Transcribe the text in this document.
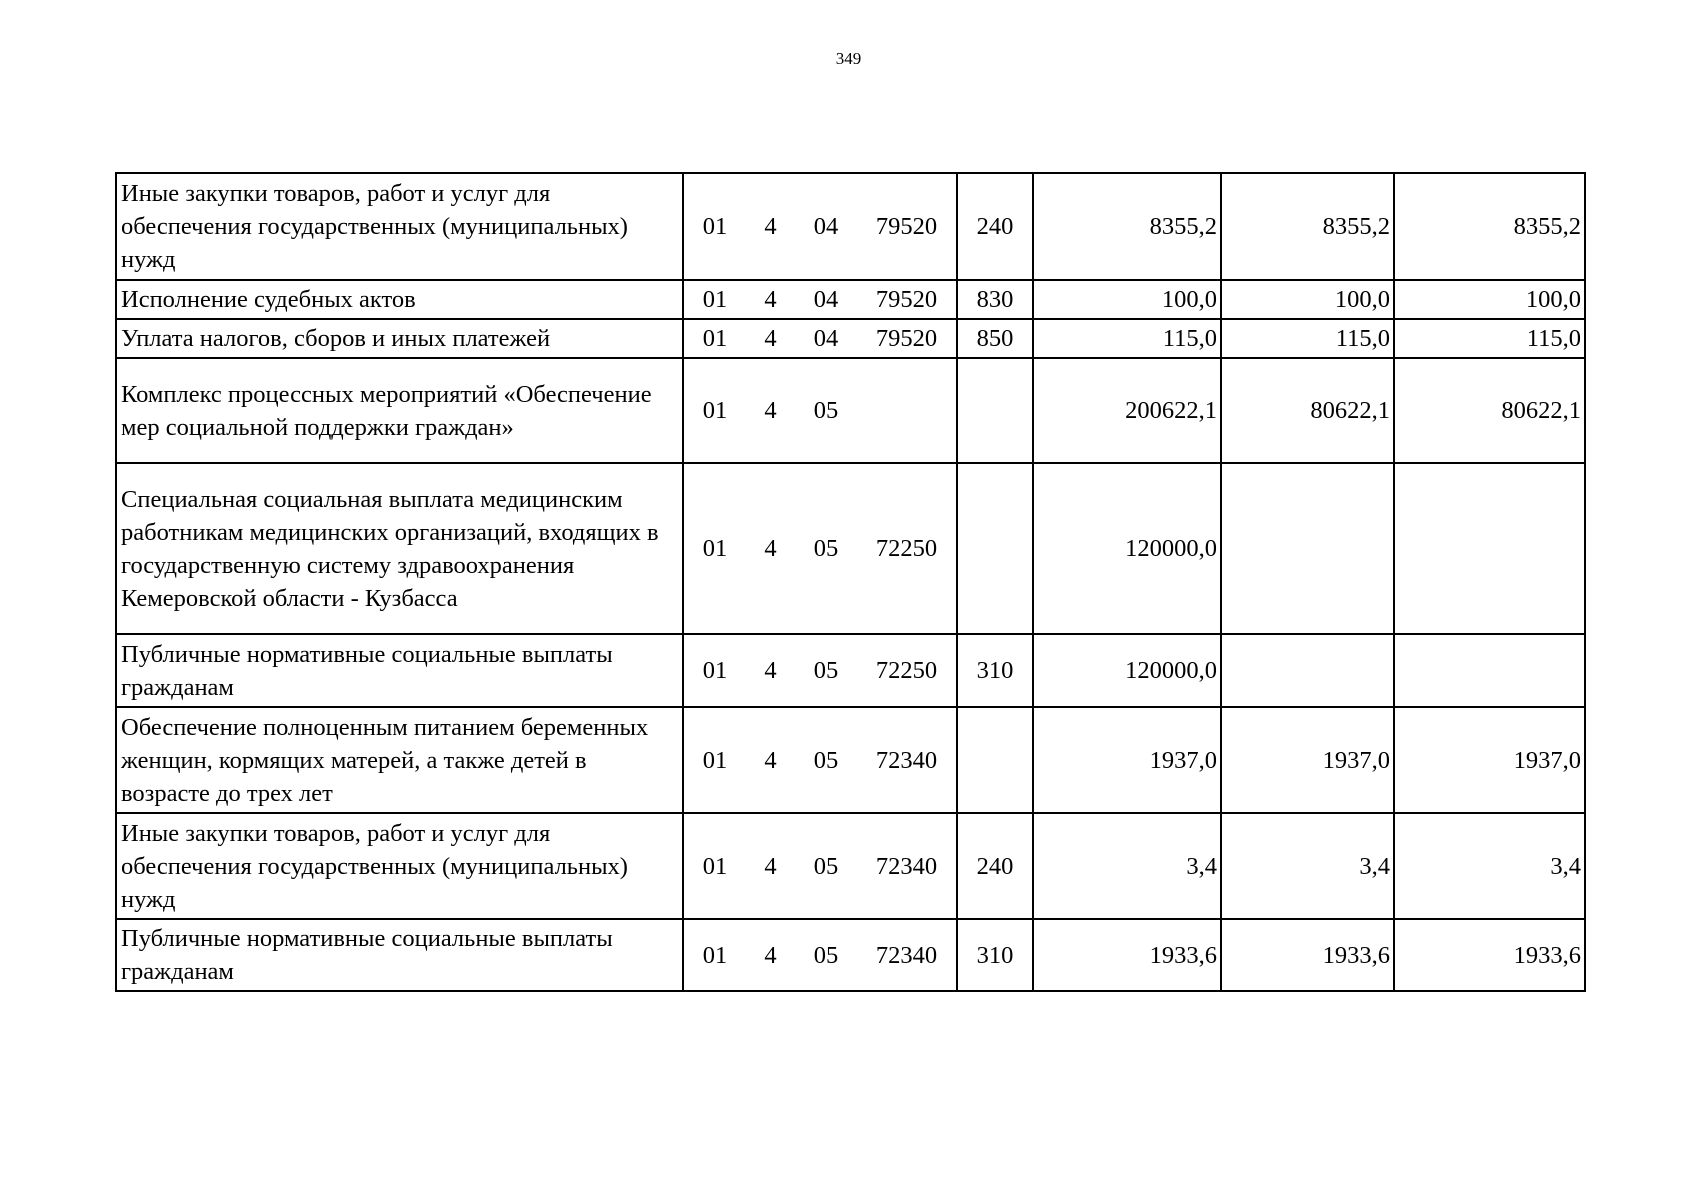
349
Иные закупки товаров, работ и услуг для обеспечения государственных (муниципальных) нужд	01	4	04	79520	240	8355,2	8355,2	8355,2
Исполнение судебных актов	01	4	04	79520	830	100,0	100,0	100,0
Уплата налогов, сборов и иных платежей	01	4	04	79520	850	115,0	115,0	115,0
Комплекс процессных мероприятий «Обеспечение мер социальной поддержки граждан»	01	4	05			200622,1	80622,1	80622,1
Специальная социальная выплата медицинским работникам медицинских организаций, входящих в государственную систему здравоохранения Кемеровской области - Кузбасса	01	4	05	72250		120000,0		
Публичные нормативные социальные выплаты гражданам	01	4	05	72250	310	120000,0		
Обеспечение полноценным питанием беременных женщин, кормящих матерей, а также детей в возрасте до трех лет	01	4	05	72340		1937,0	1937,0	1937,0
Иные закупки товаров, работ и услуг для обеспечения государственных (муниципальных) нужд	01	4	05	72340	240	3,4	3,4	3,4
Публичные нормативные социальные выплаты гражданам	01	4	05	72340	310	1933,6	1933,6	1933,6
